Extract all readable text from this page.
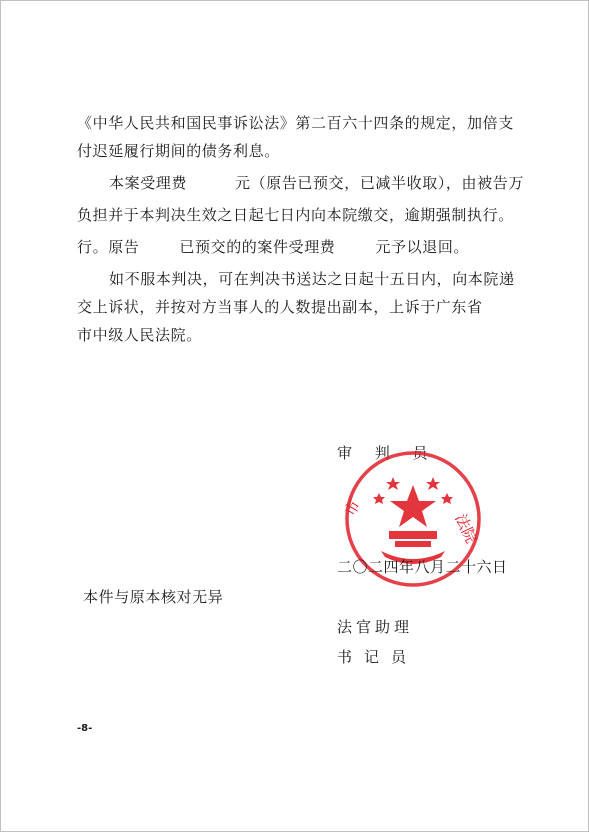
《中华人民共和国民事诉讼法》第二百六十四条的规定，加倍支
付迟延履行期间的债务利息。
本案受理费	元（原告已预交，已减半收取），由被告万
负担并于本判决生效之日起七日内向本院缴交，逾期强制执行。
行。原告	已预交的的案件受理费	元予以退回。
如不服本判决，可在判决书送达之日起十五日内，向本院递
交上诉状，并按对方当事人的人数提出副本，上诉于广东省
市中级人民法院。
审 判 员
市
法院
二〇二四年八月二十六日
本件与原本核对无异
法官助理
书记员
-8-
